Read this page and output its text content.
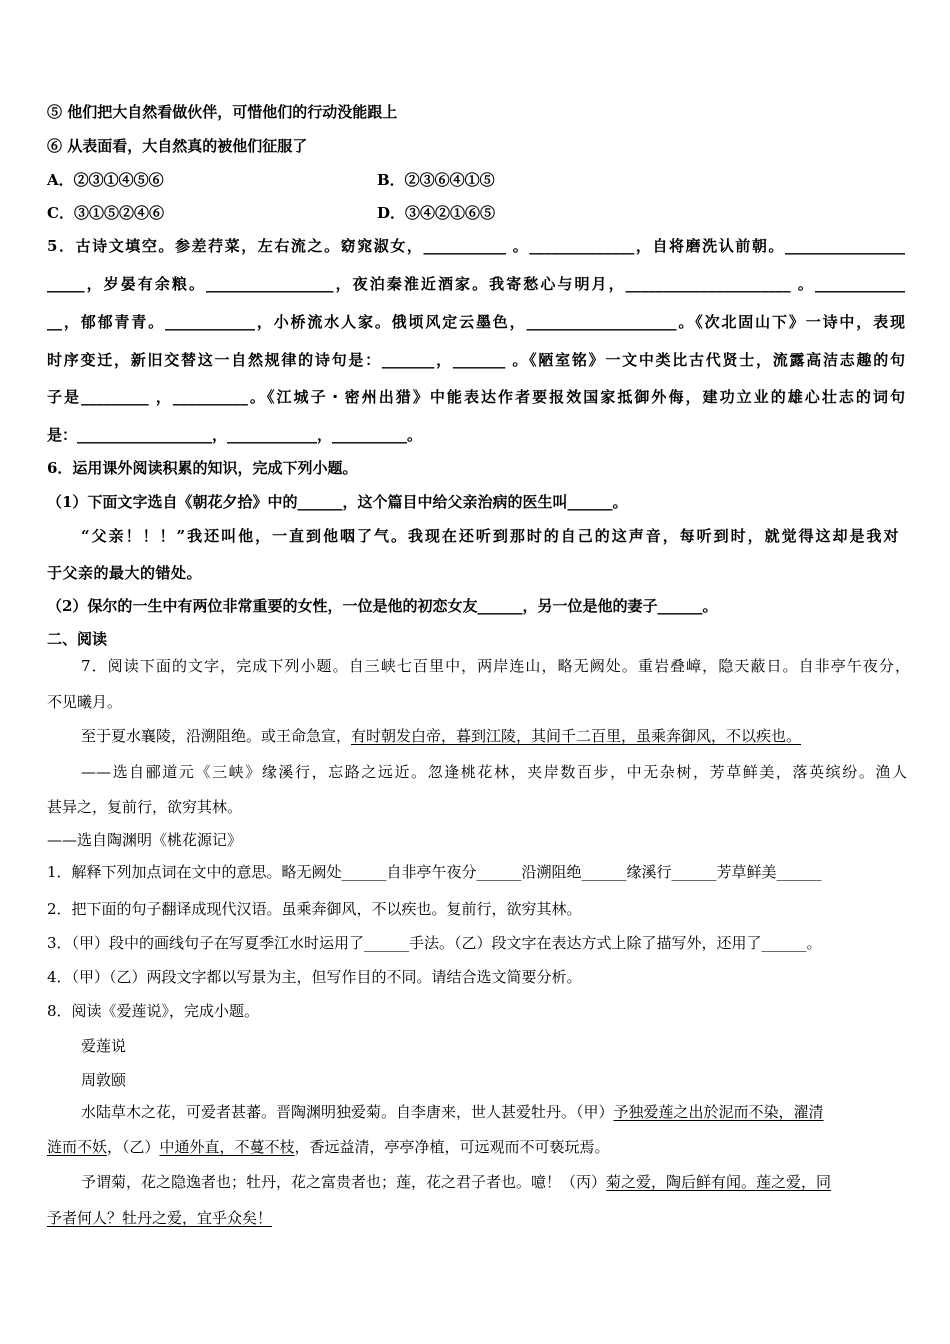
⑤ 他们把大自然看做伙伴，可惜他们的行动没能跟上
⑥ 从表面看，大自然真的被他们征服了
A．②③①④⑤⑥	B．②③⑥④①⑤
C．③①⑤②④⑥	D．③④②①⑥⑤
5．古诗文填空。参差荇菜，左右流之。窈窕淑女，___________ 。______________，自将磨洗认前朝。________________
_____，岁晏有余粮。_________________，夜泊秦淮近酒家。我寄愁心与明月，______________________ 。____________
__，郁郁青青。____________，小桥流水人家。俄顷风定云墨色，____________________。《次北固山下》一诗中，表现
时序变迁，新旧交替这一自然规律的诗句是：_______，_______ 。《陋室铭》一文中类比古代贤士，流露高洁志趣的句
子是_________ ，__________。《江城子・密州出猎》中能表达作者要报效国家抵御外侮，建功立业的雄心壮志的词句
是：__________________，____________，__________。
6．运用课外阅读积累的知识，完成下列小题。
（1）下面文字选自《朝花夕拾》中的______，这个篇目中给父亲治病的医生叫______。
“父亲！！！”我还叫他，一直到他咽了气。我现在还听到那时的自己的这声音，每听到时，就觉得这却是我对
于父亲的最大的错处。
（2）保尔的一生中有两位非常重要的女性，一位是他的初恋女友______，另一位是他的妻子______。
二、阅读
7．阅读下面的文字，完成下列小题。自三峡七百里中，两岸连山，略无阙处。重岩叠嶂，隐天蔽日。自非亭午夜分，
不见曦月。
至于夏水襄陵，沿溯阻绝。或王命急宣，有时朝发白帝，暮到江陵，其间千二百里，虽乘奔御风，不以疾也。
——选自郦道元《三峡》缘溪行，忘路之远近。忽逢桃花林，夹岸数百步，中无杂树，芳草鲜美，落英缤纷。渔人
甚异之，复前行，欲穷其林。
——选自陶渊明《桃花源记》
1．解释下列加点词在文中的意思。略无阙处______自非亭午夜分______沿溯阻绝______缘溪行______芳草鲜美______
2．把下面的句子翻译成现代汉语。虽乘奔御风，不以疾也。复前行，欲穷其林。
3．（甲）段中的画线句子在写夏季江水时运用了______手法。（乙）段文字在表达方式上除了描写外，还用了______。
4．（甲）（乙）两段文字都以写景为主，但写作目的不同。请结合选文简要分析。
8．阅读《爱莲说》，完成小题。
爱莲说
周敦颐
水陆草木之花，可爱者甚蕃。晋陶渊明独爱菊。自李唐来，世人甚爱牡丹。（甲）予独爱莲之出於泥而不染，濯清
涟而不妖，（乙）中通外直，不蔓不枝，香远益清，亭亭净植，可远观而不可亵玩焉。
予谓菊，花之隐逸者也；牡丹，花之富贵者也；莲，花之君子者也。噫！（丙）菊之爱，陶后鲜有闻。莲之爱，同
予者何人？牡丹之爱，宜乎众矣！
